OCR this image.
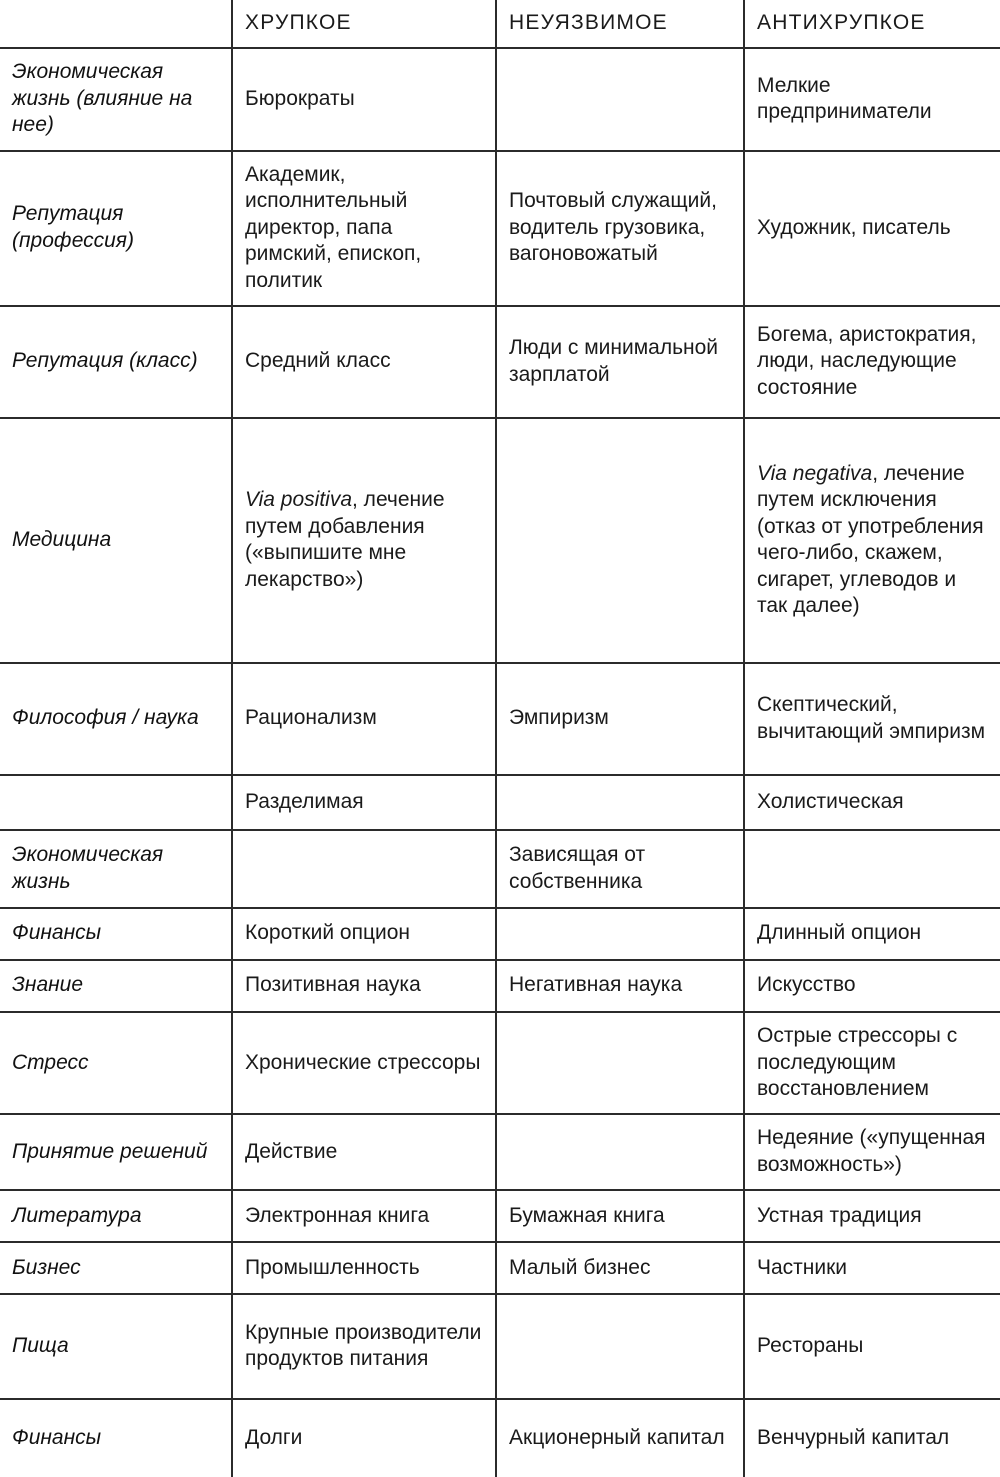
	ХРУПКОЕ	НЕУЯЗВИМОЕ	АНТИХРУПКОЕ
Экономическая жизнь (влияние на нее)	Бюрократы		Мелкие предприниматели
Репутация (профессия)	Академик, исполнительный директор, папа римский, епископ, политик	Почтовый служащий, водитель грузовика, вагоновожатый	Художник, писатель
Репутация (класс)	Средний класс	Люди с минимальной зарплатой	Богема, аристократия, люди, наследующие состояние
Медицина	Via positiva, лечение путем добавления («выпишите мне лекарство»)		Via negativa, лечение путем исключения (отказ от употребления чего-либо, скажем, сигарет, углеводов и так далее)
Философия / наука	Рационализм	Эмпиризм	Скептический, вычитающий эмпиризм
	Разделимая		Холистическая
Экономическая жизнь		Зависящая от собственника	
Финансы	Короткий опцион		Длинный опцион
Знание	Позитивная наука	Негативная наука	Искусство
Стресс	Хронические стрессоры		Острые стрессоры с последующим восстановлением
Принятие решений	Действие		Недеяние («упущенная возможность»)
Литература	Электронная книга	Бумажная книга	Устная традиция
Бизнес	Промышленность	Малый бизнес	Частники
Пища	Крупные производители продуктов питания		Рестораны
Финансы	Долги	Акционерный капитал	Венчурный капитал
